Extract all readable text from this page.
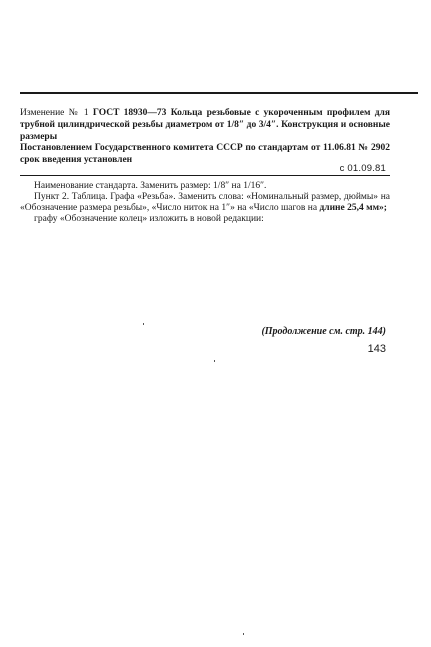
Изменение № 1 ГОСТ 18930—73 Кольца резьбовые с укороченным профилем для трубной цилиндрической резьбы диаметром от 1/8″ до 3/4″. Конструкция и основные размеры
Постановлением Государственного комитета СССР по стандартам от 11.06.81 № 2902 срок введения установлен
с 01.09.81

Наименование стандарта. Заменить размер: 1/8″ на 1/16″.

Пункт 2. Таблица. Графа «Резьба». Заменить слова: «Номинальный размер, дюймы» на «Обозначение размера резьбы», «Число ниток на 1″» на «Число шагов на длине 25,4 мм»;

графу «Обозначение колец» изложить в новой редакции:

(Продолжение см. стр. 144)
143
